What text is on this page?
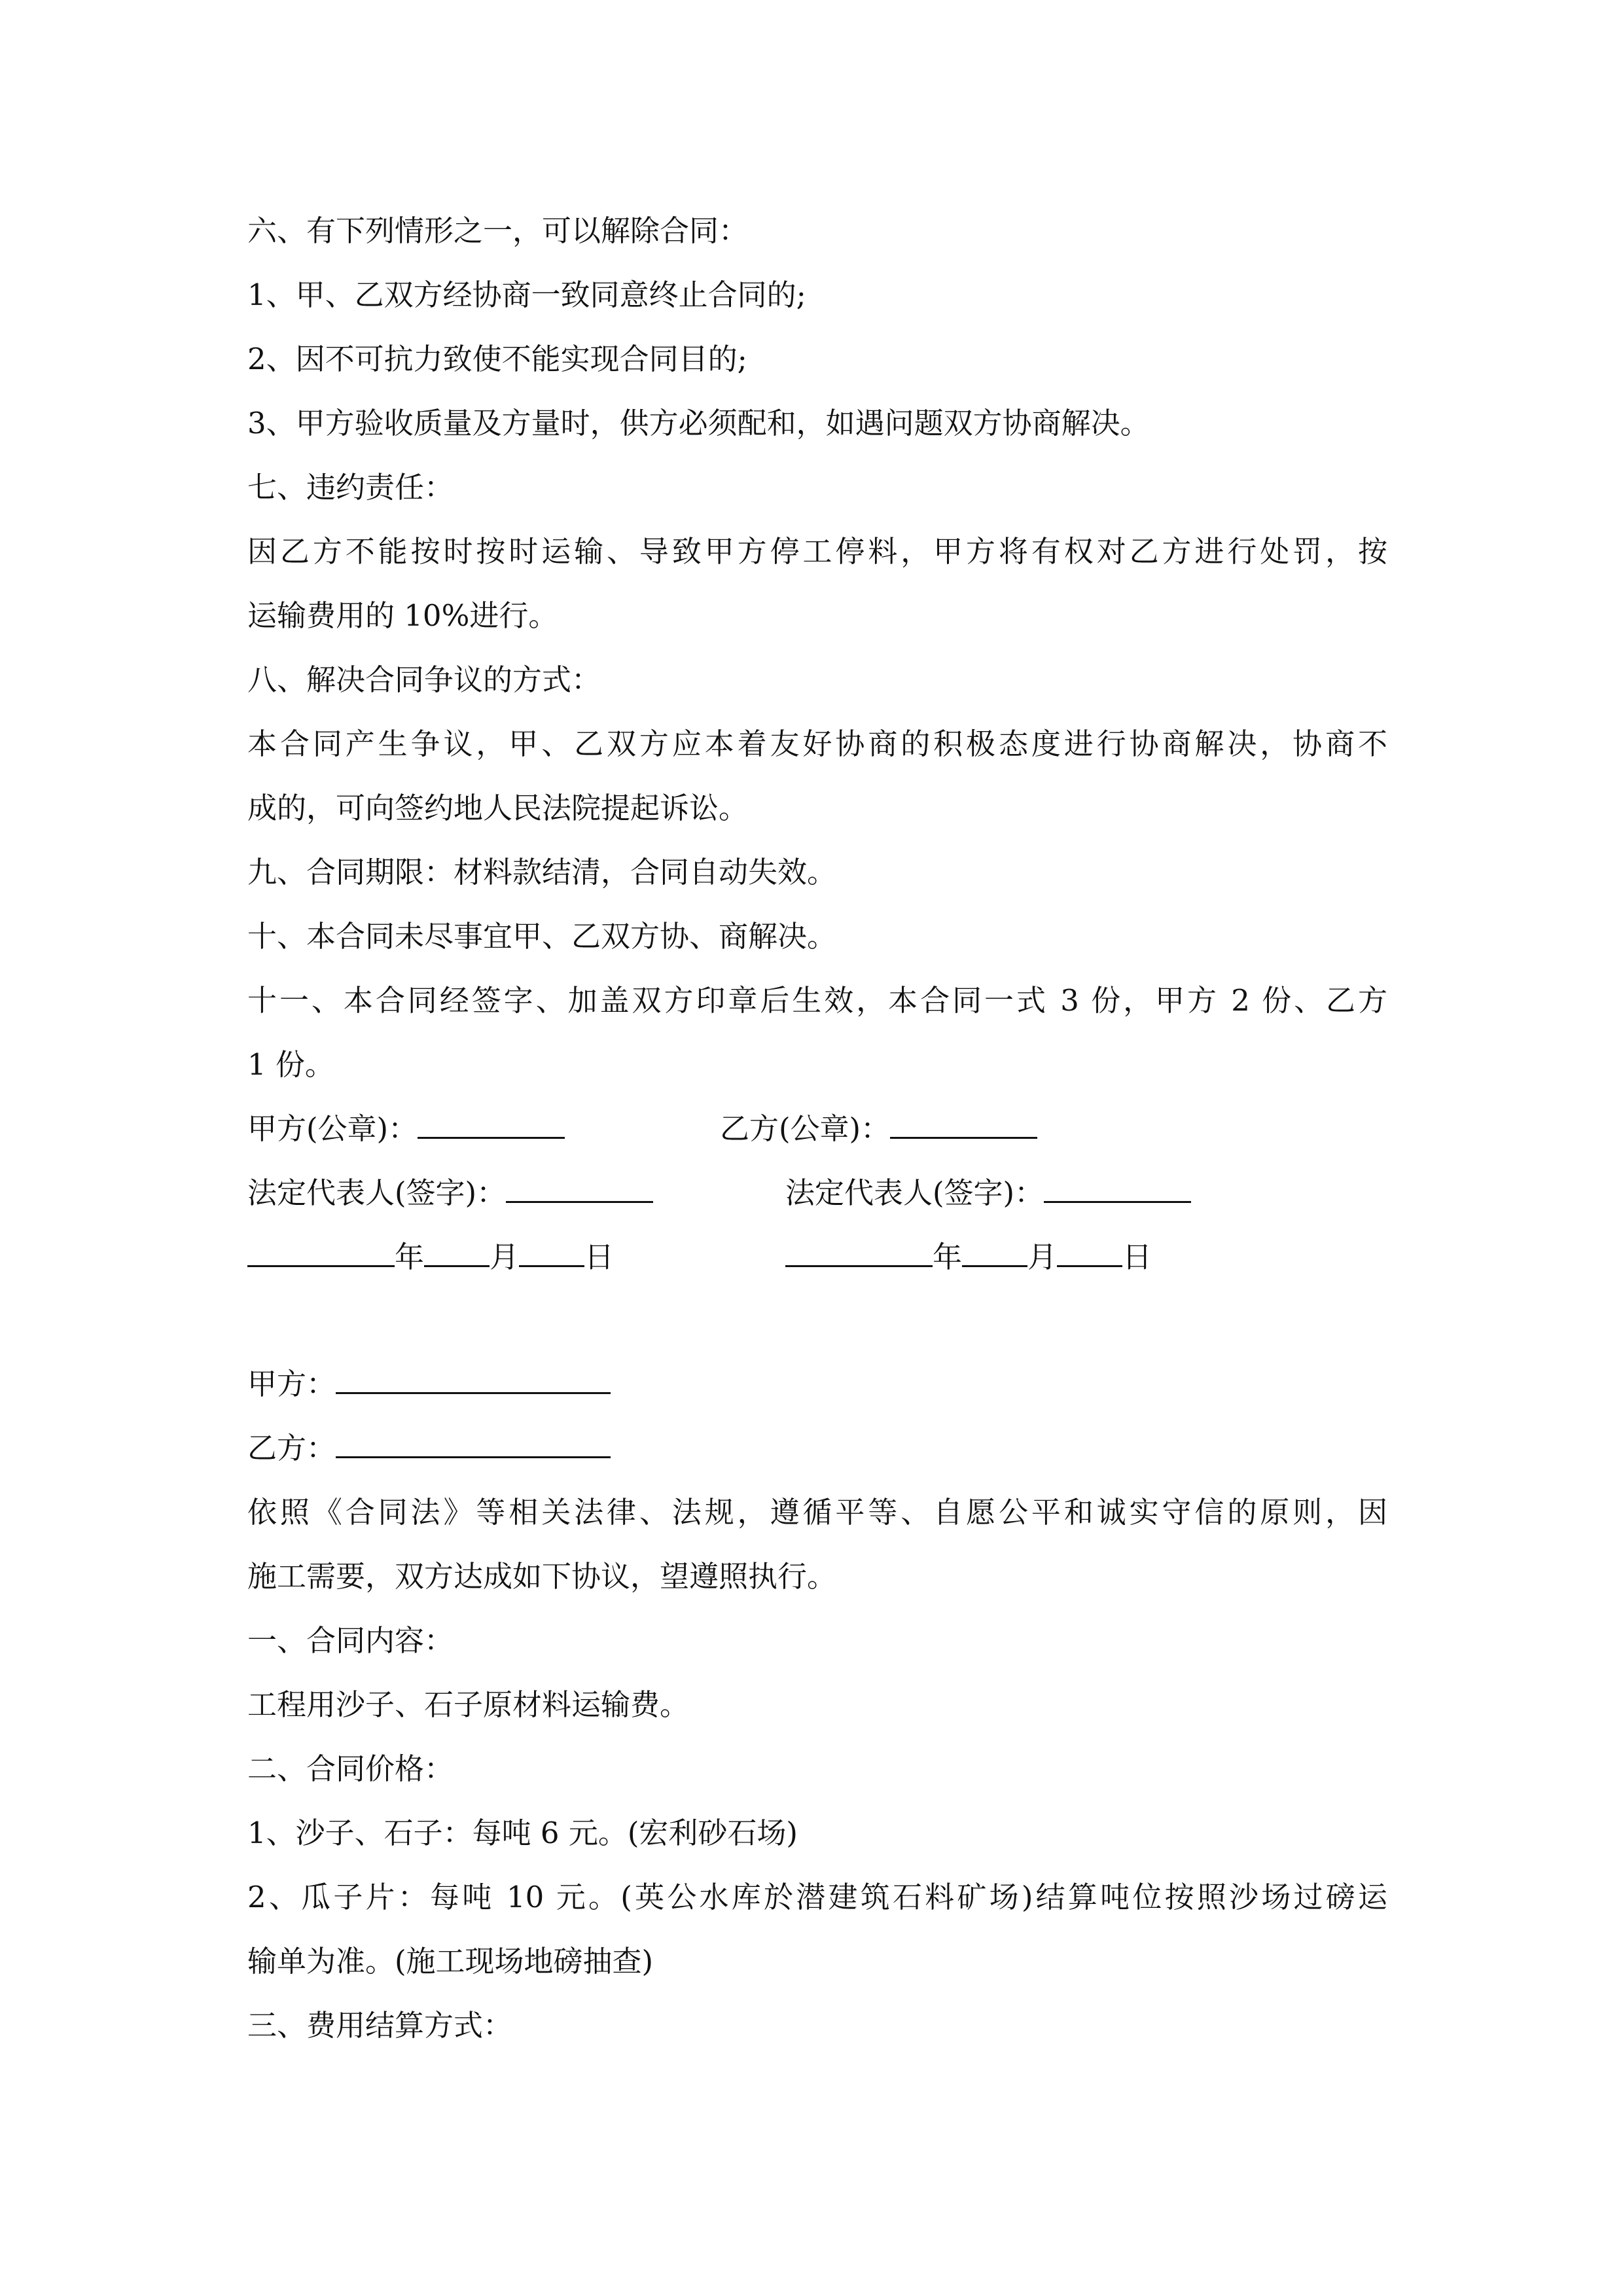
六、有下列情形之一，可以解除合同：
1、甲、乙双方经协商一致同意终止合同的;
2、因不可抗力致使不能实现合同目的;
3、甲方验收质量及方量时，供方必须配和，如遇问题双方协商解决。
七、违约责任：
因乙方不能按时按时运输、导致甲方停工停料，甲方将有权对乙方进行处罚，按
运输费用的 10%进行。
八、解决合同争议的方式：
本合同产生争议，甲、乙双方应本着友好协商的积极态度进行协商解决，协商不
成的，可向签约地人民法院提起诉讼。
九、合同期限：材料款结清，合同自动失效。
十、本合同未尽事宜甲、乙双方协、商解决。
十一、本合同经签字、加盖双方印章后生效，本合同一式 3 份，甲方 2 份、乙方
1 份。
甲方(公章)：	乙方(公章)：
法定代表人(签字)：	法定代表人(签字)：
年 月 日	年 月 日
甲方：
乙方：
依照《合同法》等相关法律、法规，遵循平等、自愿公平和诚实守信的原则，因
施工需要，双方达成如下协议，望遵照执行。
一、合同内容：
工程用沙子、石子原材料运输费。
二、合同价格：
1、沙子、石子：每吨 6 元。(宏利砂石场)
2、瓜子片：每吨 10 元。(英公水库於潜建筑石料矿场)结算吨位按照沙场过磅运
输单为准。(施工现场地磅抽查)
三、费用结算方式：
